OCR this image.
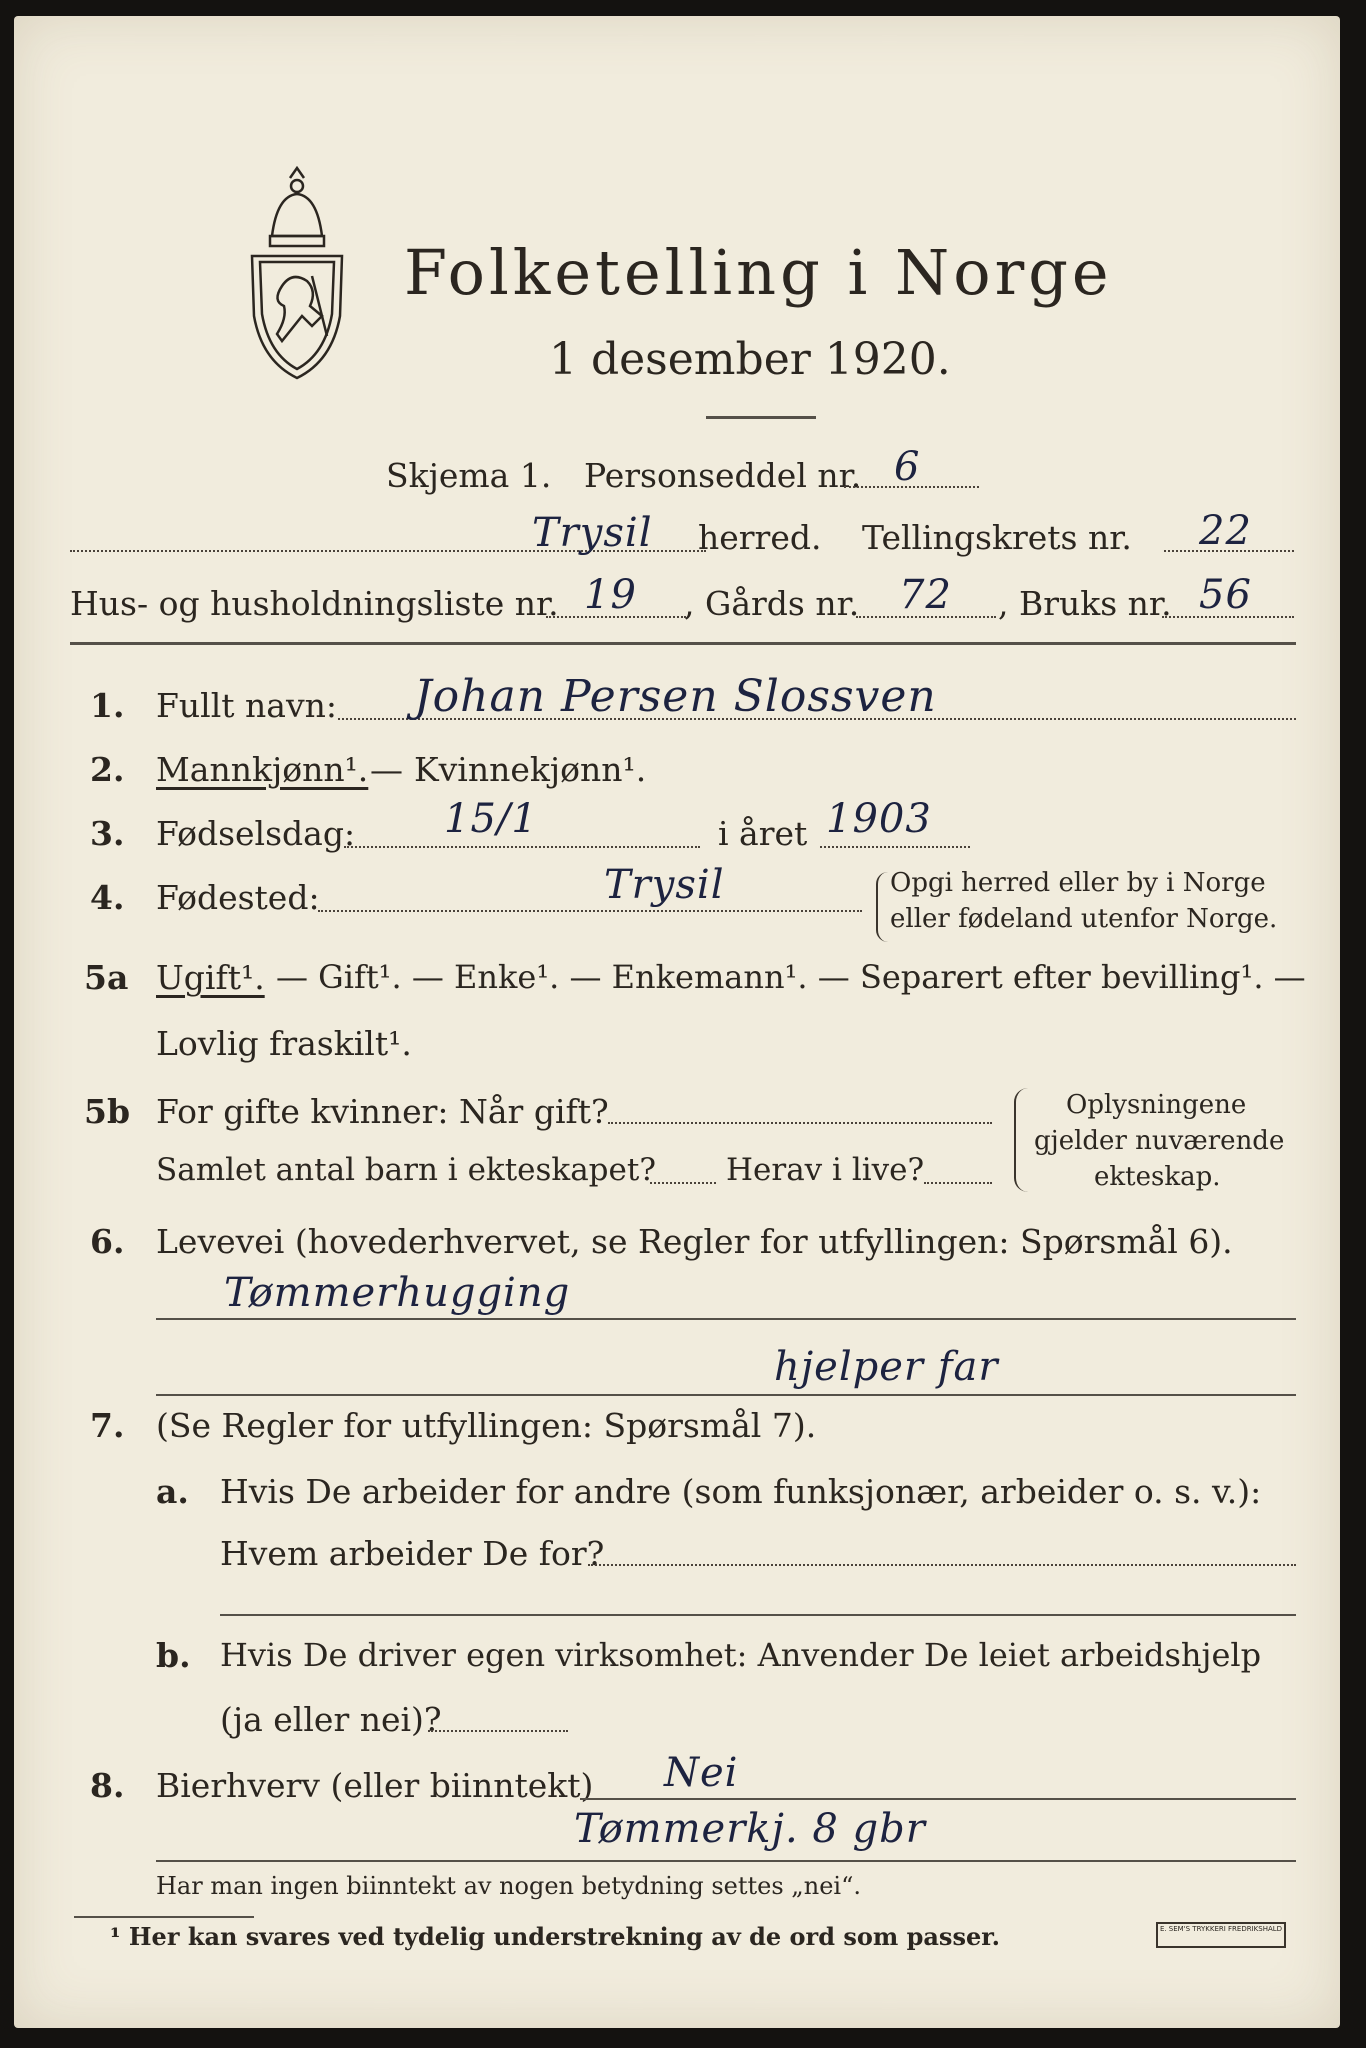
Folketelling i Norge
1 desember 1920.
Skjema 1. Personseddel nr. 6
Trysil herred. Tellingskrets nr. 22
Hus- og husholdningsliste nr. 19 , Gårds nr. 72 , Bruks nr. 56
1. Fullt navn: Johan Persen Slossven
2. Mannkjønn¹. — Kvinnekjønn¹.
3. Fødselsdag: 15/1	i året 1903
4. Fødested:	Trysil	Opgi herred eller by i Norge
eller fødeland utenfor Norge.
5a Ugift¹. — Gift¹. — Enke¹. — Enkemann¹. — Separert efter bevilling¹. —
Lovlig fraskilt¹.
5b For gifte kvinner: Når gift?
Samlet antal barn i ekteskapet? Herav i live?
Oplysningene
gjelder nuværende
ekteskap.
6. Levevei (hovederhvervet, se Regler for utfyllingen: Spørsmål 6).
Tømmerhugging
hjelper far
7. (Se Regler for utfyllingen: Spørsmål 7).
a. Hvis De arbeider for andre (som funksjonær, arbeider o. s. v.):
Hvem arbeider De for?
b. Hvis De driver egen virksomhet: Anvender De leiet arbeidshjelp
(ja eller nei)?
8. Bierhverv (eller biinntekt) Nei
Tømmerkj. 8 gbr
Har man ingen biinntekt av nogen betydning settes „nei“.
¹ Her kan svares ved tydelig understrekning av de ord som passer.	E. SEM'S TRYKKERI FREDRIKSHALD
